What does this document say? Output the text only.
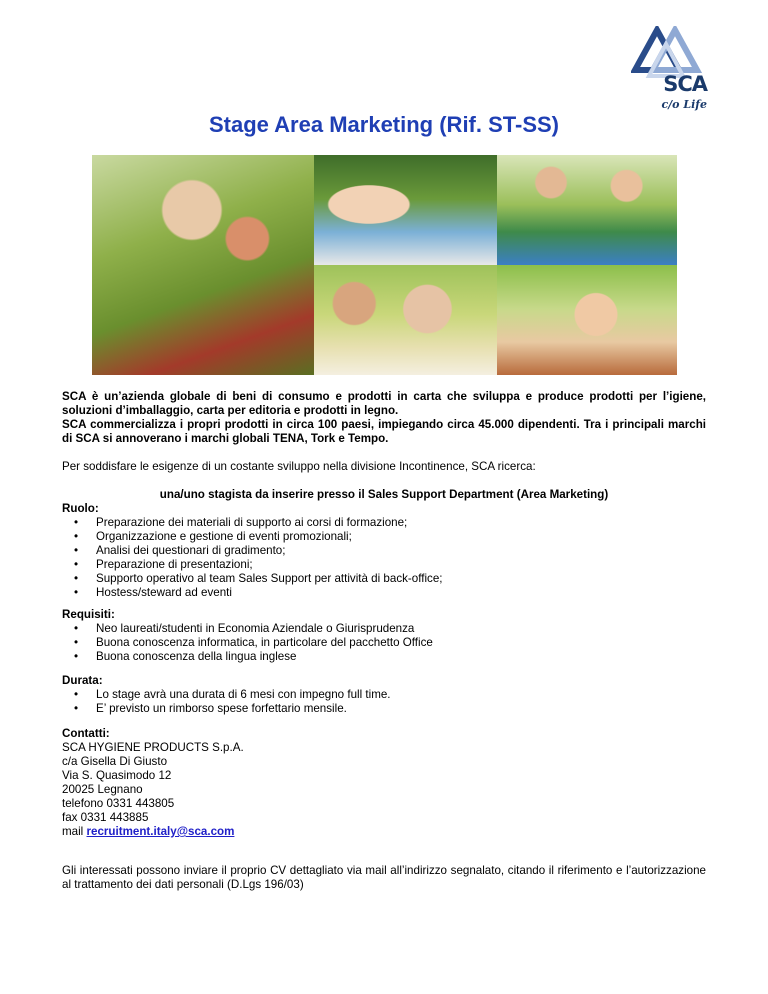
SCA
c/o Life
Stage Area Marketing (Rif. ST-SS)
SCA è un’azienda globale di beni di consumo e prodotti in carta che sviluppa e produce prodotti per l’igiene, soluzioni d’imballaggio, carta per editoria e prodotti in legno.
SCA commercializza i propri prodotti in circa 100 paesi, impiegando circa 45.000 dipendenti. Tra i principali marchi di SCA si annoverano i marchi globali TENA, Tork e Tempo.
Per soddisfare le esigenze di un costante sviluppo nella divisione Incontinence, SCA ricerca:
una/uno stagista da inserire presso il Sales Support Department (Area Marketing)
Ruolo:
• Preparazione dei materiali di supporto ai corsi di formazione;
• Organizzazione e gestione di eventi promozionali;
• Analisi dei questionari di gradimento;
• Preparazione di presentazioni;
• Supporto operativo al team Sales Support per attività di back-office;
• Hostess/steward ad eventi
Requisiti:
• Neo laureati/studenti in Economia Aziendale o Giurisprudenza
• Buona conoscenza informatica, in particolare del pacchetto Office
• Buona conoscenza della lingua inglese
Durata:
• Lo stage avrà una durata di 6 mesi con impegno full time.
• E’ previsto un rimborso spese forfettario mensile.
Contatti:
SCA HYGIENE PRODUCTS S.p.A.
c/a Gisella Di Giusto
Via S. Quasimodo 12
20025 Legnano
telefono 0331 443805
fax 0331 443885
mail recruitment.italy@sca.com
Gli interessati possono inviare il proprio CV dettagliato via mail all’indirizzo segnalato, citando il riferimento e l’autorizzazione al trattamento dei dati personali (D.Lgs 196/03)
